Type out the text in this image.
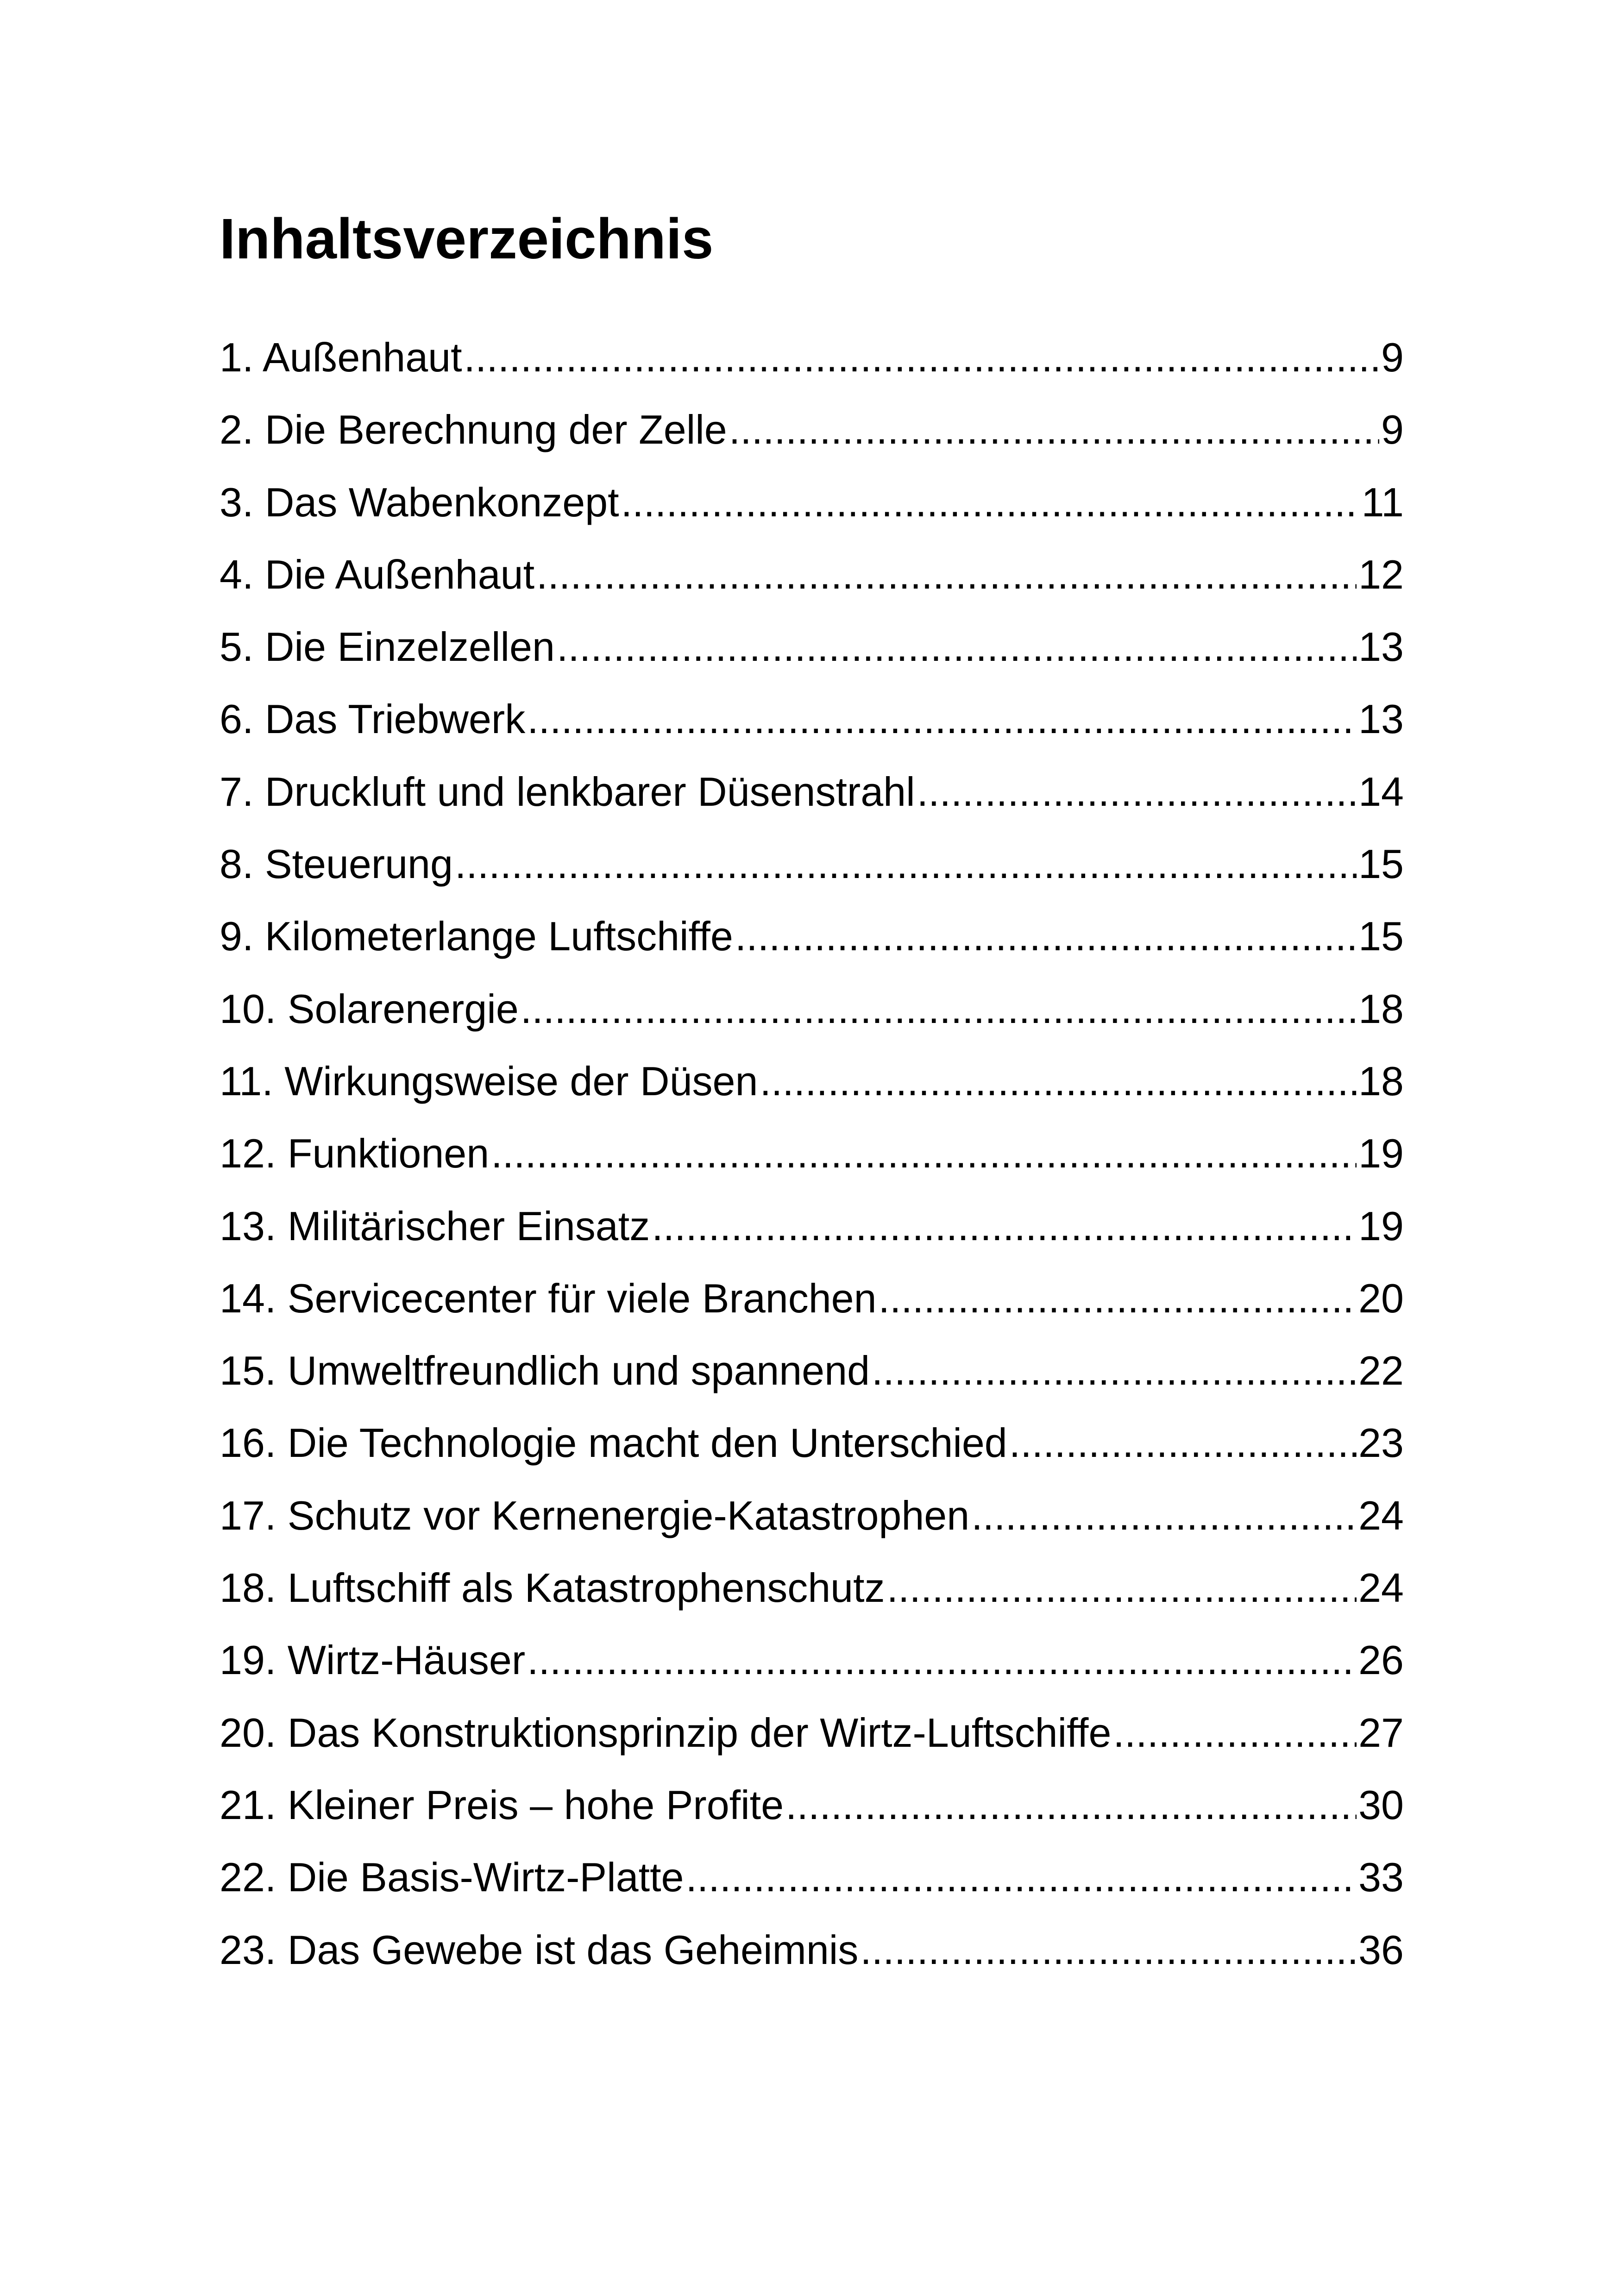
Inhaltsverzeichnis
1. Außenhaut .....	9
2. Die Berechnung der Zelle .....	9
3. Das Wabenkonzept .....	11
4. Die Außenhaut .....	12
5. Die Einzelzellen .....	13
6. Das Triebwerk .....	13
7. Druckluft und lenkbarer Düsenstrahl .....	14
8. Steuerung .....	15
9. Kilometerlange Luftschiffe .....	15
10. Solarenergie .....	18
11. Wirkungsweise der Düsen .....	18
12. Funktionen .....	19
13. Militärischer Einsatz .....	19
14. Servicecenter für viele Branchen .....	20
15. Umweltfreundlich und spannend .....	22
16. Die Technologie macht den Unterschied .....	23
17. Schutz vor Kernenergie-Katastrophen .....	24
18. Luftschiff als Katastrophenschutz .....	24
19. Wirtz-Häuser .....	26
20. Das Konstruktionsprinzip der Wirtz-Luftschiffe .....	27
21. Kleiner Preis – hohe Profite .....	30
22. Die Basis-Wirtz-Platte .....	33
23. Das Gewebe ist das Geheimnis .....	36
